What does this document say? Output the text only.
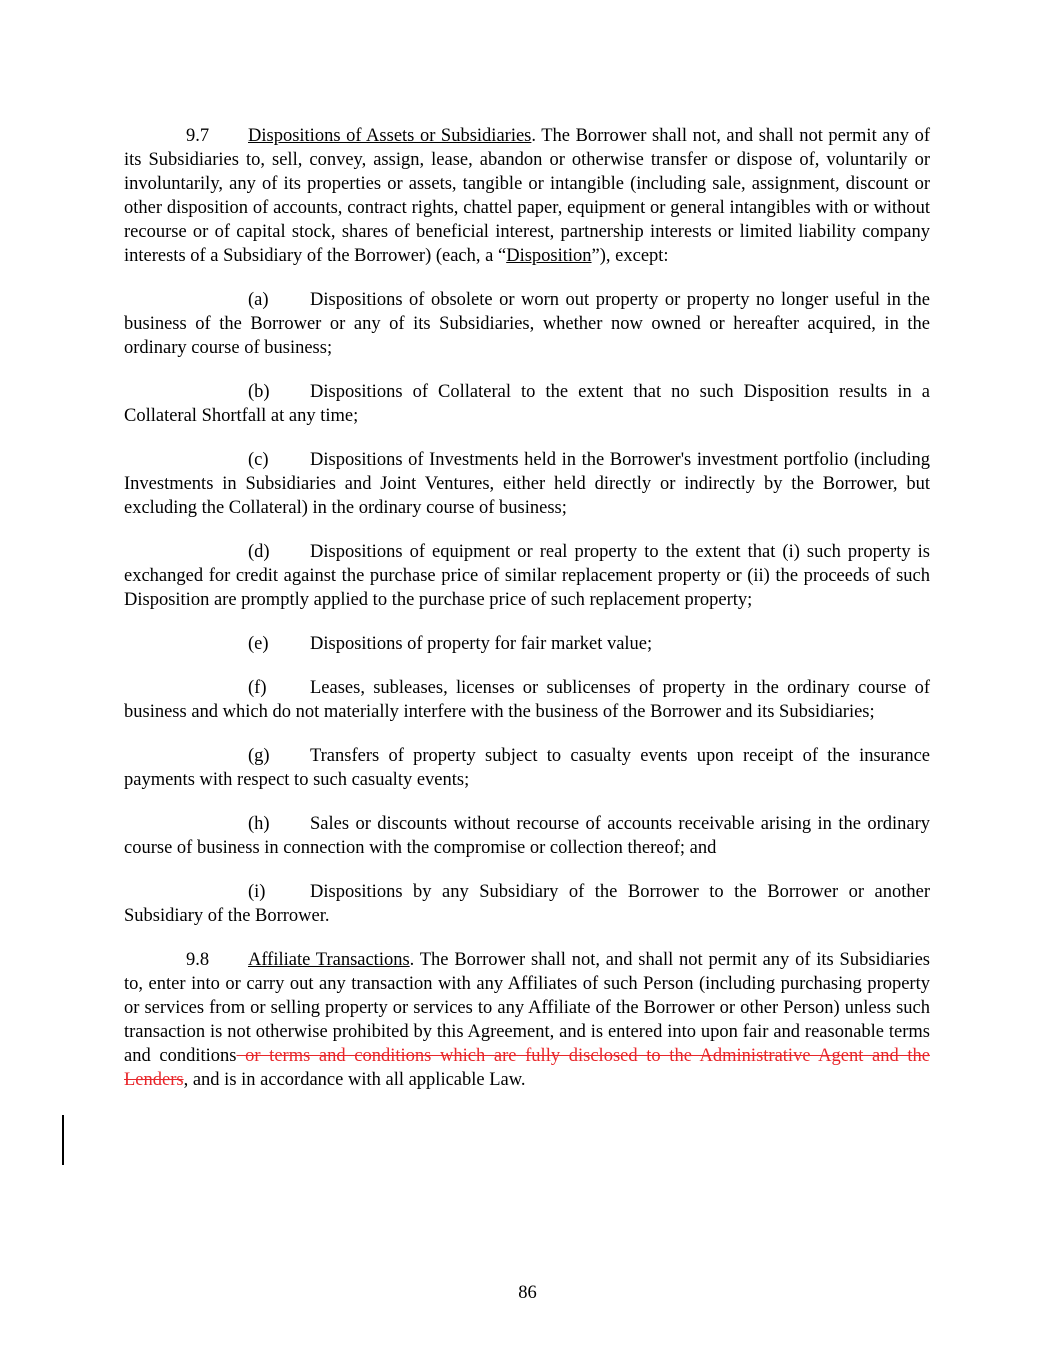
9.7 Dispositions of Assets or Subsidiaries. The Borrower shall not, and shall not permit any of its Subsidiaries to, sell, convey, assign, lease, abandon or otherwise transfer or dispose of, voluntarily or involuntarily, any of its properties or assets, tangible or intangible (including sale, assignment, discount or other disposition of accounts, contract rights, chattel paper, equipment or general intangibles with or without recourse or of capital stock, shares of beneficial interest, partnership interests or limited liability company interests of a Subsidiary of the Borrower) (each, a “Disposition”), except:

(a) Dispositions of obsolete or worn out property or property no longer useful in the business of the Borrower or any of its Subsidiaries, whether now owned or hereafter acquired, in the ordinary course of business;

(b) Dispositions of Collateral to the extent that no such Disposition results in a Collateral Shortfall at any time;

(c) Dispositions of Investments held in the Borrower's investment portfolio (including Investments in Subsidiaries and Joint Ventures, either held directly or indirectly by the Borrower, but excluding the Collateral) in the ordinary course of business;

(d) Dispositions of equipment or real property to the extent that (i) such property is exchanged for credit against the purchase price of similar replacement property or (ii) the proceeds of such Disposition are promptly applied to the purchase price of such replacement property;

(e) Dispositions of property for fair market value;

(f) Leases, subleases, licenses or sublicenses of property in the ordinary course of business and which do not materially interfere with the business of the Borrower and its Subsidiaries;

(g) Transfers of property subject to casualty events upon receipt of the insurance payments with respect to such casualty events;

(h) Sales or discounts without recourse of accounts receivable arising in the ordinary course of business in connection with the compromise or collection thereof; and

(i) Dispositions by any Subsidiary of the Borrower to the Borrower or another Subsidiary of the Borrower.

9.8 Affiliate Transactions. The Borrower shall not, and shall not permit any of its Subsidiaries to, enter into or carry out any transaction with any Affiliates of such Person (including purchasing property or services from or selling property or services to any Affiliate of the Borrower or other Person) unless such transaction is not otherwise prohibited by this Agreement, and is entered into upon fair and reasonable terms and conditions or terms and conditions which are fully disclosed to the Administrative Agent and the Lenders, and is in accordance with all applicable Law.

86
